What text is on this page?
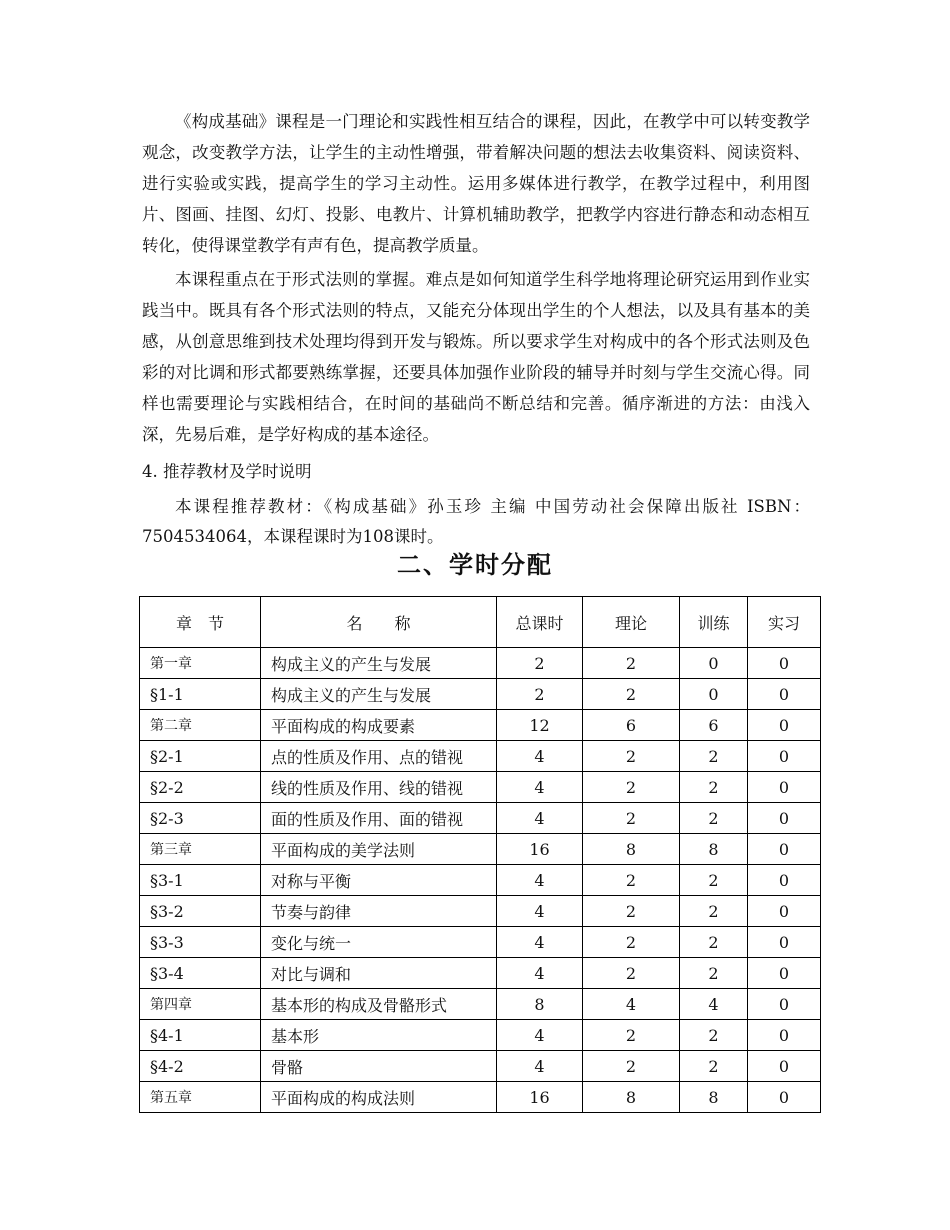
《构成基础》课程是一门理论和实践性相互结合的课程，因此，在教学中可以转变教学观念，改变教学方法，让学生的主动性增强，带着解决问题的想法去收集资料、阅读资料、进行实验或实践，提高学生的学习主动性。运用多媒体进行教学，在教学过程中，利用图片、图画、挂图、幻灯、投影、电教片、计算机辅助教学，把教学内容进行静态和动态相互转化，使得课堂教学有声有色，提高教学质量。

本课程重点在于形式法则的掌握。难点是如何知道学生科学地将理论研究运用到作业实践当中。既具有各个形式法则的特点，又能充分体现出学生的个人想法，以及具有基本的美感，从创意思维到技术处理均得到开发与锻炼。所以要求学生对构成中的各个形式法则及色彩的对比调和形式都要熟练掌握，还要具体加强作业阶段的辅导并时刻与学生交流心得。同样也需要理论与实践相结合，在时间的基础尚不断总结和完善。循序渐进的方法：由浅入深，先易后难，是学好构成的基本途径。

4. 推荐教材及学时说明

本课程推荐教材：《构成基础》孙玉珍 主编 中国劳动社会保障出版社 ISBN：7504534064，本课程课时为108课时。

二、学时分配
章　节	名　　称	总课时	理论	训练	实习
第一章	构成主义的产生与发展	2	2	0	0
§1-1	构成主义的产生与发展	2	2	0	0
第二章	平面构成的构成要素	12	6	6	0
§2-1	点的性质及作用、点的错视	4	2	2	0
§2-2	线的性质及作用、线的错视	4	2	2	0
§2-3	面的性质及作用、面的错视	4	2	2	0
第三章	平面构成的美学法则	16	8	8	0
§3-1	对称与平衡	4	2	2	0
§3-2	节奏与韵律	4	2	2	0
§3-3	变化与统一	4	2	2	0
§3-4	对比与调和	4	2	2	0
第四章	基本形的构成及骨骼形式	8	4	4	0
§4-1	基本形	4	2	2	0
§4-2	骨骼	4	2	2	0
第五章	平面构成的构成法则	16	8	8	0
